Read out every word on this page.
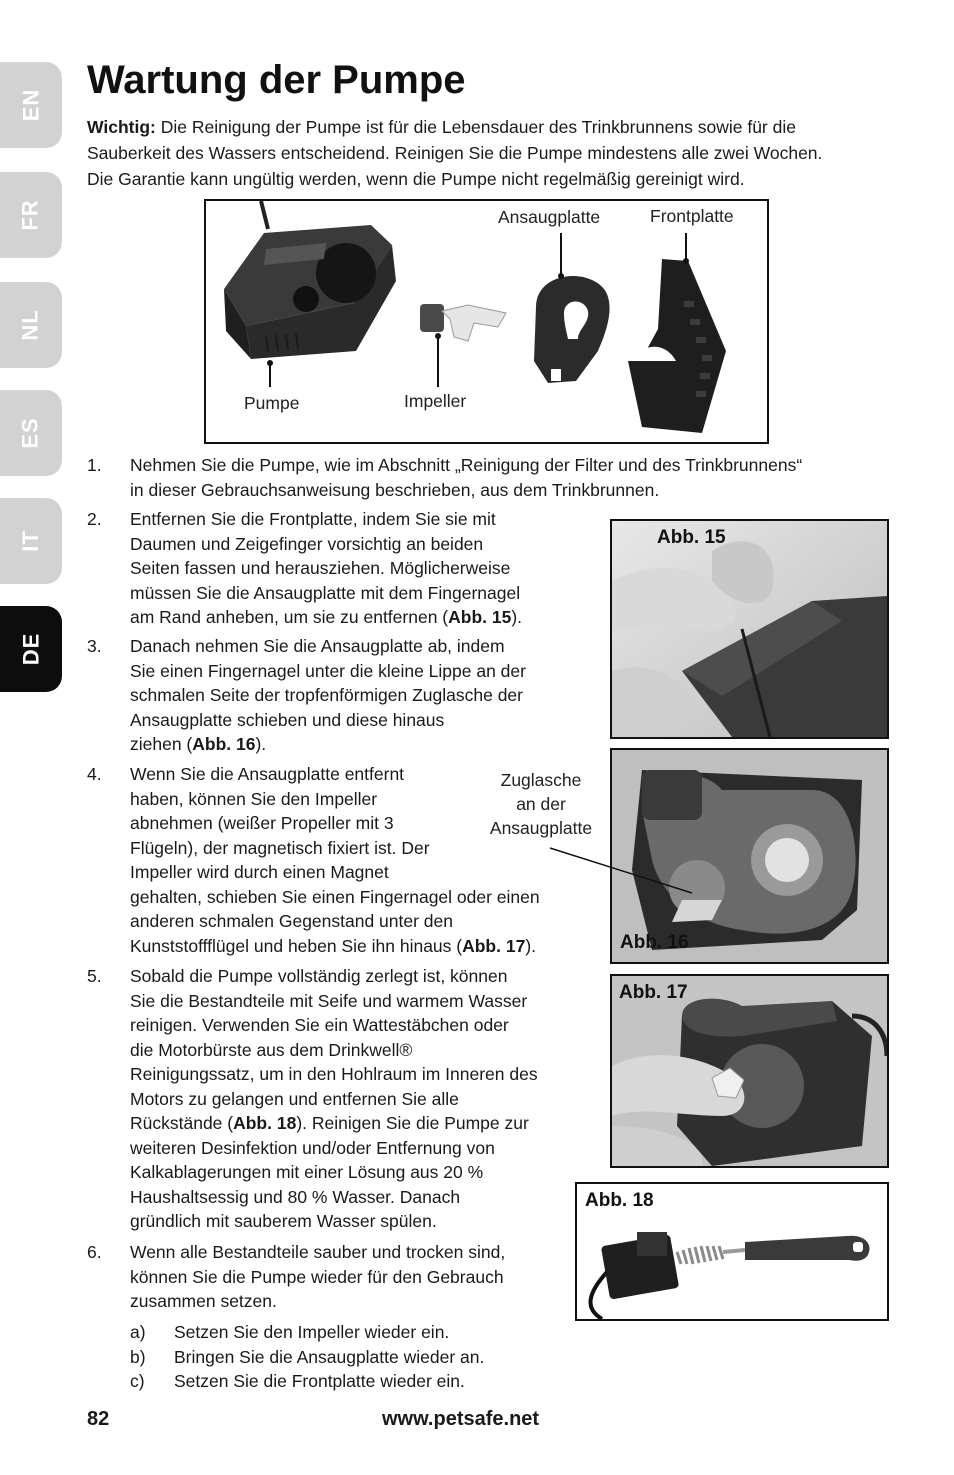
EN
FR
NL
ES
IT
DE
Wartung der Pumpe
Wichtig: Die Reinigung der Pumpe ist für die Lebensdauer des Trinkbrunnens sowie für die
Sauberkeit des Wassers entscheidend. Reinigen Sie die Pumpe mindestens alle zwei Wochen.
Die Garantie kann ungültig werden, wenn die Pumpe nicht regelmäßig gereinigt wird.
Ansaugplatte	Frontplatte
Pumpe	Impeller
1. Nehmen Sie die Pumpe, wie im Abschnitt „Reinigung der Filter und des Trinkbrunnens“
in dieser Gebrauchsanweisung beschrieben, aus dem Trinkbrunnen.
2. Entfernen Sie die Frontplatte, indem Sie sie mit
Daumen und Zeigefinger vorsichtig an beiden
Seiten fassen und herausziehen. Möglicherweise
müssen Sie die Ansaugplatte mit dem Fingernagel
am Rand anheben, um sie zu entfernen (Abb. 15).
3. Danach nehmen Sie die Ansaugplatte ab, indem
Sie einen Fingernagel unter die kleine Lippe an der
schmalen Seite der tropfenförmigen Zuglasche der
Ansaugplatte schieben und diese hinaus
ziehen (Abb. 16).
4. Wenn Sie die Ansaugplatte entfernt
haben, können Sie den Impeller
abnehmen (weißer Propeller mit 3
Flügeln), der magnetisch fixiert ist. Der
Impeller wird durch einen Magnet
gehalten, schieben Sie einen Fingernagel oder einen
anderen schmalen Gegenstand unter den
Kunststoffflügel und heben Sie ihn hinaus (Abb. 17).
Zuglasche
an der
Ansaugplatte
5. Sobald die Pumpe vollständig zerlegt ist, können
Sie die Bestandteile mit Seife und warmem Wasser
reinigen. Verwenden Sie ein Wattestäbchen oder
die Motorbürste aus dem Drinkwell®
Reinigungssatz, um in den Hohlraum im Inneren des
Motors zu gelangen und entfernen Sie alle
Rückstände (Abb. 18). Reinigen Sie die Pumpe zur
weiteren Desinfektion und/oder Entfernung von
Kalkablagerungen mit einer Lösung aus 20 %
Haushaltsessig und 80 % Wasser. Danach
gründlich mit sauberem Wasser spülen.
6. Wenn alle Bestandteile sauber und trocken sind,
können Sie die Pumpe wieder für den Gebrauch
zusammen setzen.
a) Setzen Sie den Impeller wieder ein.
b) Bringen Sie die Ansaugplatte wieder an.
c) Setzen Sie die Frontplatte wieder ein.
Abb. 15
Abb. 16
Abb. 17
Abb. 18
82	www.petsafe.net
